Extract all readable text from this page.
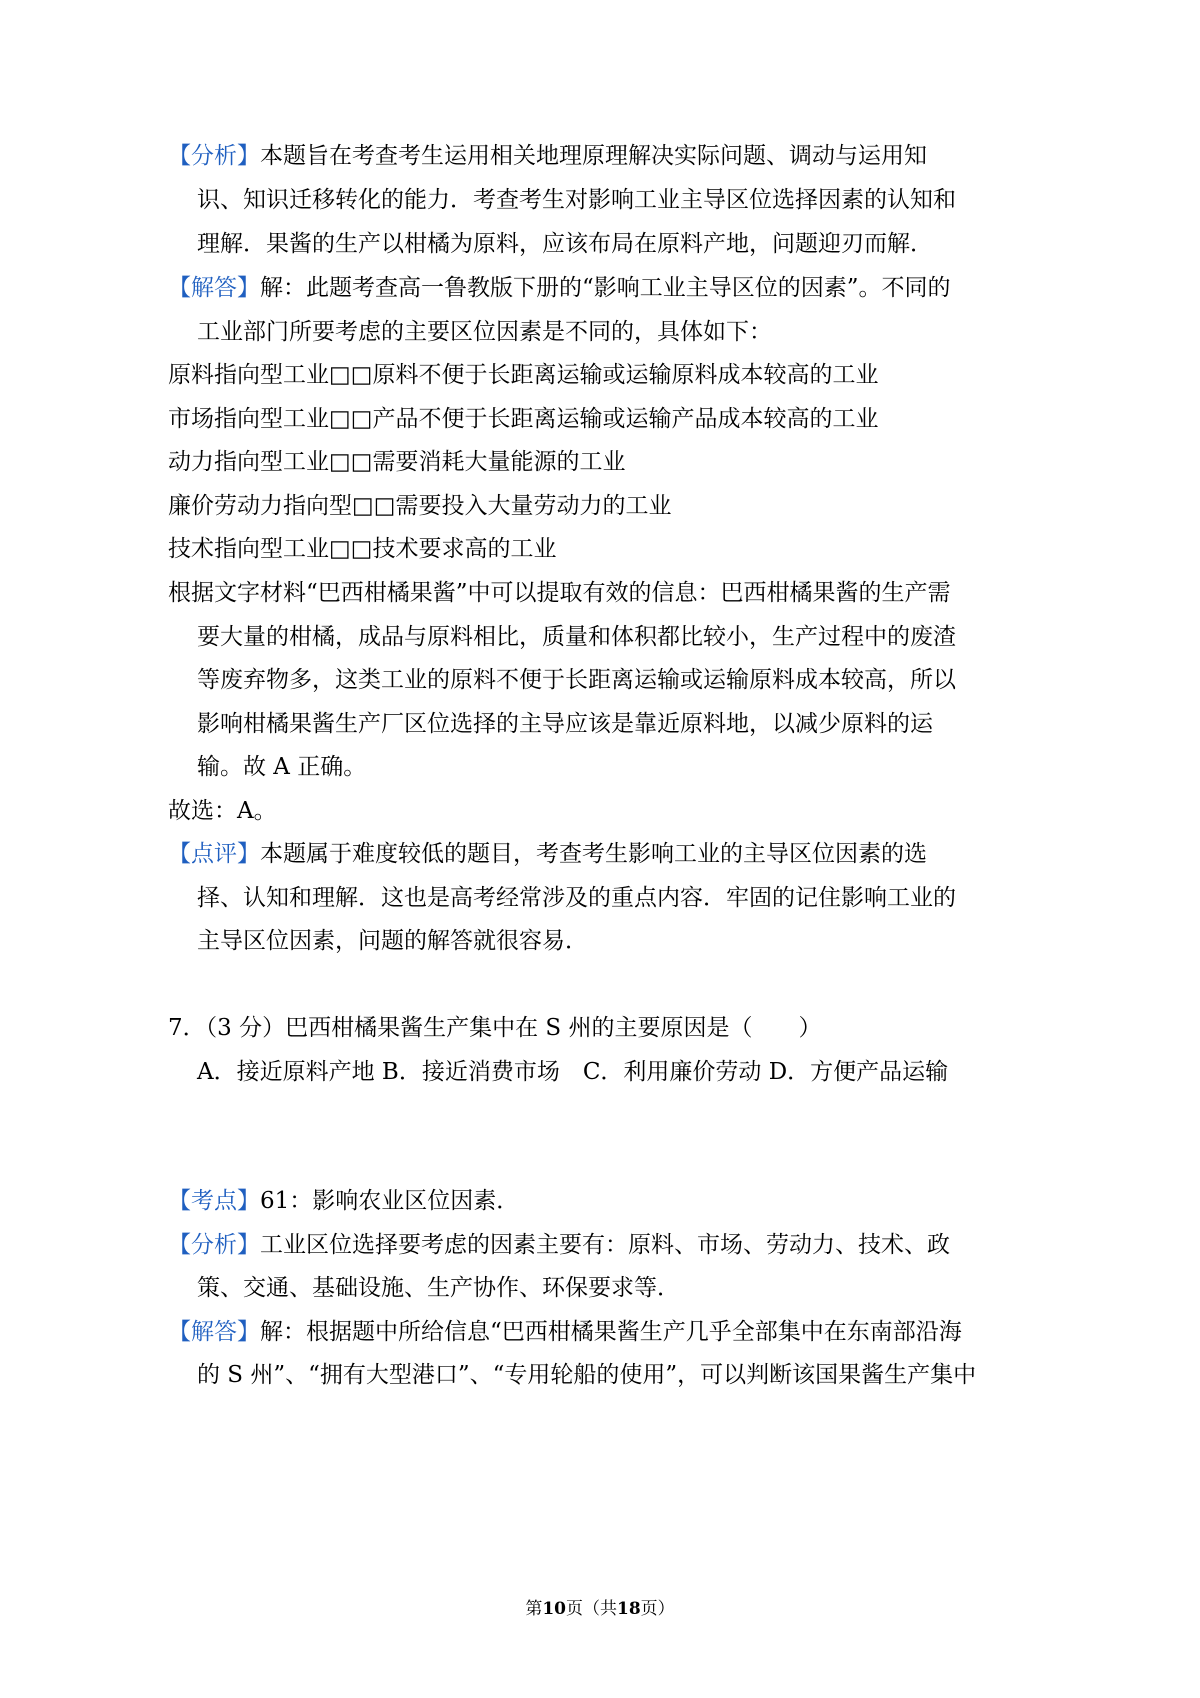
【分析】本题旨在考查考生运用相关地理原理解决实际问题、调动与运用知
识、知识迁移转化的能力．考查考生对影响工业主导区位选择因素的认知和
理解．果酱的生产以柑橘为原料，应该布局在原料产地，问题迎刃而解．
【解答】解：此题考查高一鲁教版下册的“影响工业主导区位的因素”。不同的
工业部门所要考虑的主要区位因素是不同的，具体如下：
原料指向型工业□□原料不便于长距离运输或运输原料成本较高的工业
市场指向型工业□□产品不便于长距离运输或运输产品成本较高的工业
动力指向型工业□□需要消耗大量能源的工业
廉价劳动力指向型□□需要投入大量劳动力的工业
技术指向型工业□□技术要求高的工业
根据文字材料“巴西柑橘果酱”中可以提取有效的信息：巴西柑橘果酱的生产需
要大量的柑橘，成品与原料相比，质量和体积都比较小，生产过程中的废渣
等废弃物多，这类工业的原料不便于长距离运输或运输原料成本较高，所以
影响柑橘果酱生产厂区位选择的主导应该是靠近原料地，以减少原料的运
输。故 A 正确。
故选：A。
【点评】本题属于难度较低的题目，考查考生影响工业的主导区位因素的选
择、认知和理解．这也是高考经常涉及的重点内容．牢固的记住影响工业的
主导区位因素，问题的解答就很容易．
7．（3 分）巴西柑橘果酱生产集中在 S 州的主要原因是（　　）
A．接近原料产地 B．接近消费市场　C．利用廉价劳动 D．方便产品运输
【考点】61：影响农业区位因素．
【分析】工业区位选择要考虑的因素主要有：原料、市场、劳动力、技术、政
策、交通、基础设施、生产协作、环保要求等．
【解答】解：根据题中所给信息“巴西柑橘果酱生产几乎全部集中在东南部沿海
的 S 州”、“拥有大型港口”、“专用轮船的使用”，可以判断该国果酱生产集中
第10页（共18页）
